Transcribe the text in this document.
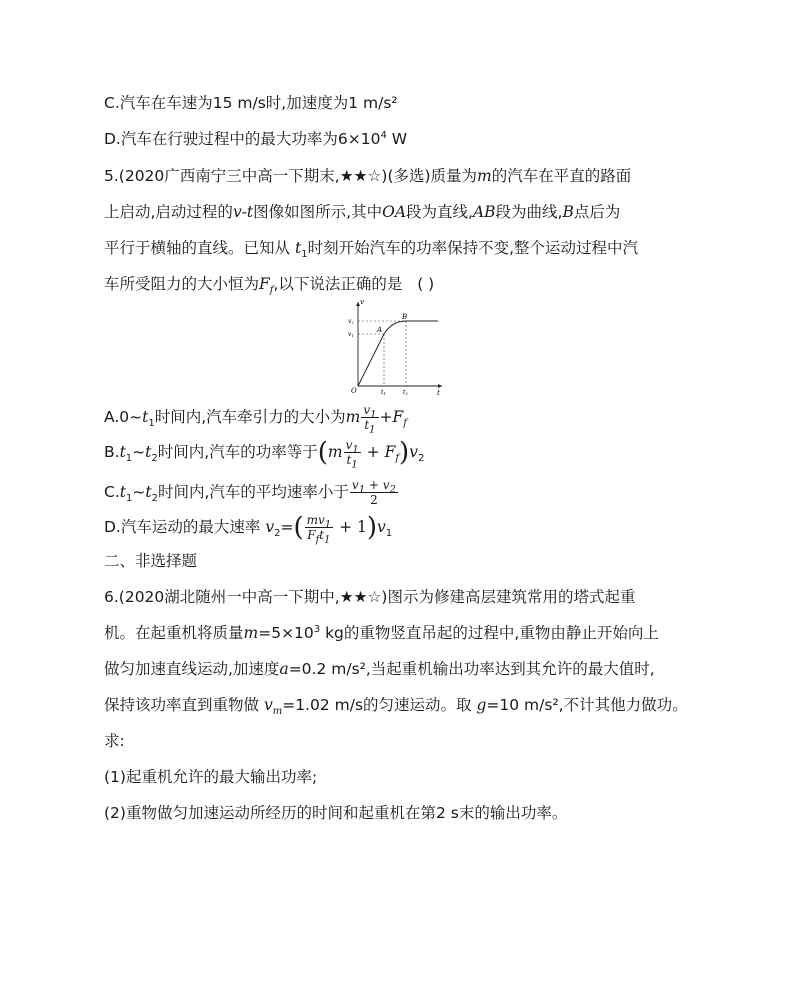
C.汽车在车速为15 m/s时,加速度为1 m/s²
D.汽车在行驶过程中的最大功率为$6\times 10^4$ W
5.(2020广西南宁三中高一下期末,★★☆)(多选)质量为m的汽车在平直的路面
上启动,启动过程的v-t图像如图所示,其中OA段为直线,AB段为曲线,B点后为
平行于横轴的直线。已知从 $t_1$时刻开始汽车的功率保持不变,整个运动过程中汽
车所受阻力的大小恒为$F_f$,以下说法正确的是 ( )
v
t
O
A
B
v2
v1
t1	t2
$A.0\sim t_1$时间内,汽车牵引力的大小为m $\frac{v_1}{t_1} +F_f$
$B.t_1\sim t_2$时间内,汽车的功率等于$(m \frac{v_1}{t_1} + F_f)v_2$
$C.t_1\sim t_2$时间内,汽车的平均速率小于 $\frac{v_1 + v_2}{2}$
D.汽车运动的最大速率 $v_2=( \frac{mv_1}{F_ft_1} + 1)v_1$
二、非选择题
6.(2020湖北随州一中高一下期中,★★☆)图示为修建高层建筑常用的塔式起重
机。在起重机将质量$m=5\times 10^3$ kg的重物竖直吊起的过程中,重物由静止开始向上
做匀加速直线运动,加速度a=0.2 m/s²,当起重机输出功率达到其允许的最大值时,
保持该功率直到重物做 $v_m=1.02$ m/s的匀速运动。取 g=10 m/s²,不计其他力做功。
求:
(1)起重机允许的最大输出功率;
(2)重物做匀加速运动所经历的时间和起重机在第2 s末的输出功率。
